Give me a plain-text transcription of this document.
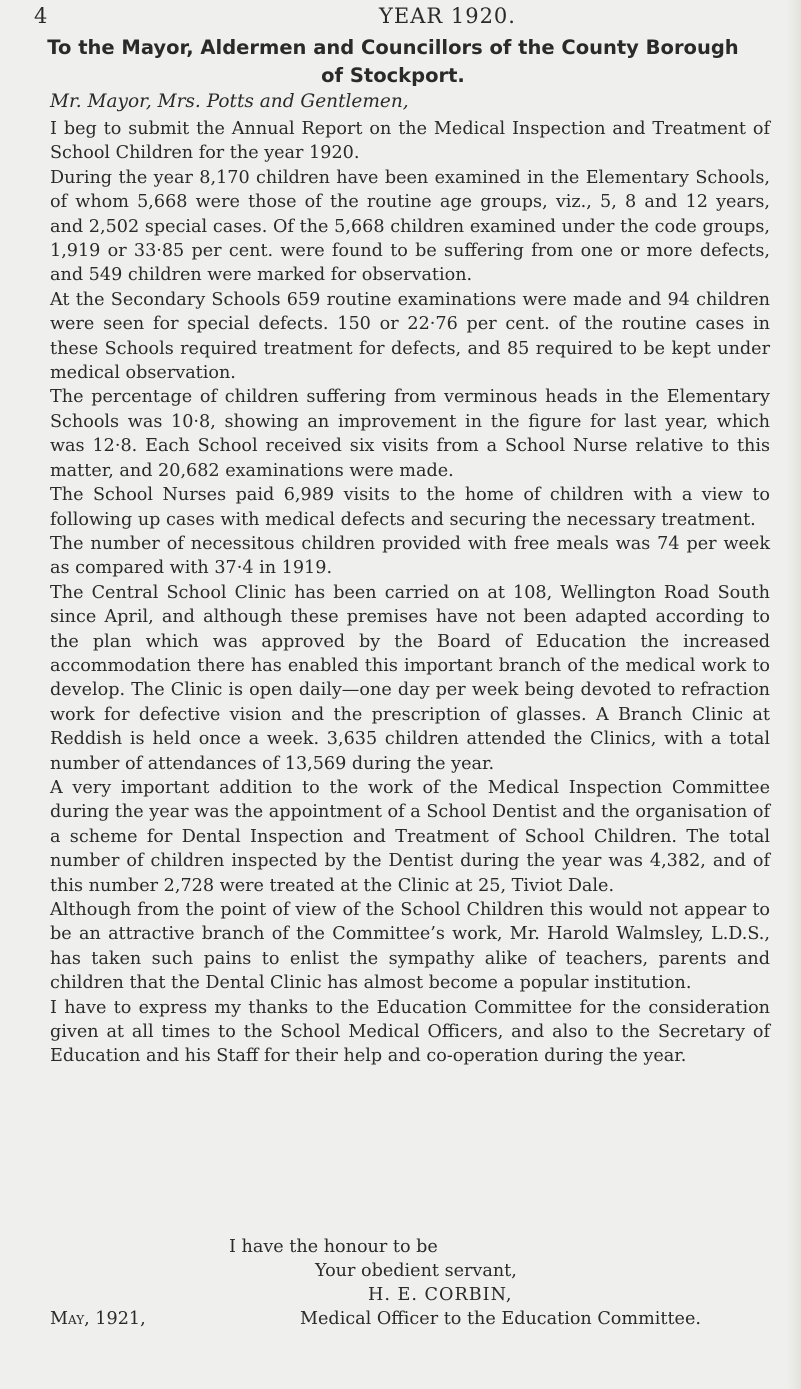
4	YEAR 1920.
To the Mayor, Aldermen and Councillors of the County Borough of Stockport.
Mr. Mayor, Mrs. Potts and Gentlemen,

I beg to submit the Annual Report on the Medical Inspection and Treatment of School Children for the year 1920.

During the year 8,170 children have been examined in the Elementary Schools, of whom 5,668 were those of the routine age groups, viz., 5, 8 and 12 years, and 2,502 special cases. Of the 5,668 children examined under the code groups, 1,919 or 33·85 per cent. were found to be suffering from one or more defects, and 549 children were marked for observation.

At the Secondary Schools 659 routine examinations were made and 94 children were seen for special defects. 150 or 22·76 per cent. of the routine cases in these Schools required treatment for defects, and 85 required to be kept under medical observation.

The percentage of children suffering from verminous heads in the Elementary Schools was 10·8, showing an improvement in the figure for last year, which was 12·8. Each School received six visits from a School Nurse relative to this matter, and 20,682 examinations were made.

The School Nurses paid 6,989 visits to the home of children with a view to following up cases with medical defects and securing the necessary treatment.

The number of necessitous children provided with free meals was 74 per week as compared with 37·4 in 1919.

The Central School Clinic has been carried on at 108, Wellington Road South since April, and although these premises have not been adapted according to the plan which was approved by the Board of Education the increased accommodation there has enabled this important branch of the medical work to develop. The Clinic is open daily—one day per week being devoted to refraction work for defective vision and the prescription of glasses. A Branch Clinic at Reddish is held once a week. 3,635 children attended the Clinics, with a total number of attendances of 13,569 during the year.

A very important addition to the work of the Medical Inspection Committee during the year was the appointment of a School Dentist and the organisation of a scheme for Dental Inspection and Treatment of School Children. The total number of children inspected by the Dentist during the year was 4,382, and of this number 2,728 were treated at the Clinic at 25, Tiviot Dale.

Although from the point of view of the School Children this would not appear to be an attractive branch of the Committee’s work, Mr. Harold Walmsley, L.D.S., has taken such pains to enlist the sympathy alike of teachers, parents and children that the Dental Clinic has almost become a popular institution.

I have to express my thanks to the Education Committee for the consideration given at all times to the School Medical Officers, and also to the Secretary of Education and his Staff for their help and co-operation during the year.

I have the honour to be
Your obedient servant,
H. E. CORBIN,
Medical Officer to the Education Committee.
May, 1921,
